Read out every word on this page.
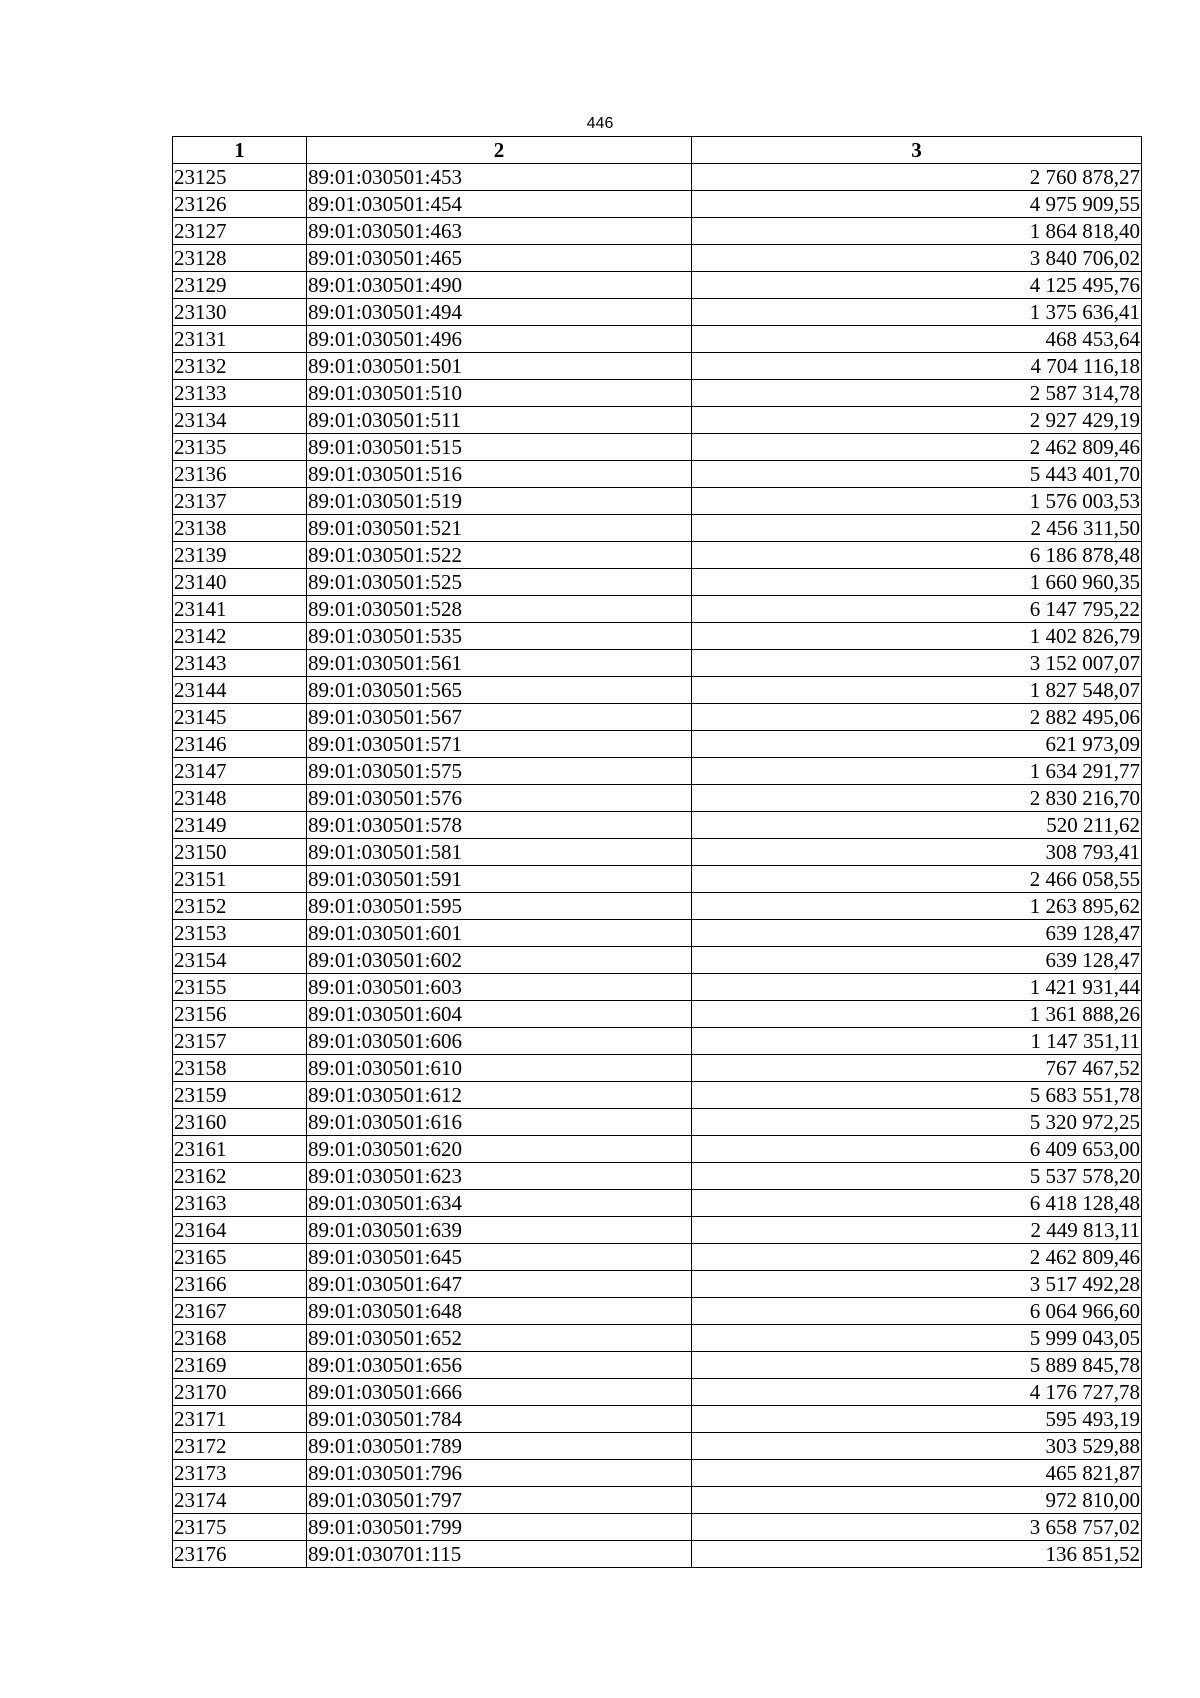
446
1	2	3
23125	89:01:030501:453	2 760 878,27
23126	89:01:030501:454	4 975 909,55
23127	89:01:030501:463	1 864 818,40
23128	89:01:030501:465	3 840 706,02
23129	89:01:030501:490	4 125 495,76
23130	89:01:030501:494	1 375 636,41
23131	89:01:030501:496	468 453,64
23132	89:01:030501:501	4 704 116,18
23133	89:01:030501:510	2 587 314,78
23134	89:01:030501:511	2 927 429,19
23135	89:01:030501:515	2 462 809,46
23136	89:01:030501:516	5 443 401,70
23137	89:01:030501:519	1 576 003,53
23138	89:01:030501:521	2 456 311,50
23139	89:01:030501:522	6 186 878,48
23140	89:01:030501:525	1 660 960,35
23141	89:01:030501:528	6 147 795,22
23142	89:01:030501:535	1 402 826,79
23143	89:01:030501:561	3 152 007,07
23144	89:01:030501:565	1 827 548,07
23145	89:01:030501:567	2 882 495,06
23146	89:01:030501:571	621 973,09
23147	89:01:030501:575	1 634 291,77
23148	89:01:030501:576	2 830 216,70
23149	89:01:030501:578	520 211,62
23150	89:01:030501:581	308 793,41
23151	89:01:030501:591	2 466 058,55
23152	89:01:030501:595	1 263 895,62
23153	89:01:030501:601	639 128,47
23154	89:01:030501:602	639 128,47
23155	89:01:030501:603	1 421 931,44
23156	89:01:030501:604	1 361 888,26
23157	89:01:030501:606	1 147 351,11
23158	89:01:030501:610	767 467,52
23159	89:01:030501:612	5 683 551,78
23160	89:01:030501:616	5 320 972,25
23161	89:01:030501:620	6 409 653,00
23162	89:01:030501:623	5 537 578,20
23163	89:01:030501:634	6 418 128,48
23164	89:01:030501:639	2 449 813,11
23165	89:01:030501:645	2 462 809,46
23166	89:01:030501:647	3 517 492,28
23167	89:01:030501:648	6 064 966,60
23168	89:01:030501:652	5 999 043,05
23169	89:01:030501:656	5 889 845,78
23170	89:01:030501:666	4 176 727,78
23171	89:01:030501:784	595 493,19
23172	89:01:030501:789	303 529,88
23173	89:01:030501:796	465 821,87
23174	89:01:030501:797	972 810,00
23175	89:01:030501:799	3 658 757,02
23176	89:01:030701:115	136 851,52
